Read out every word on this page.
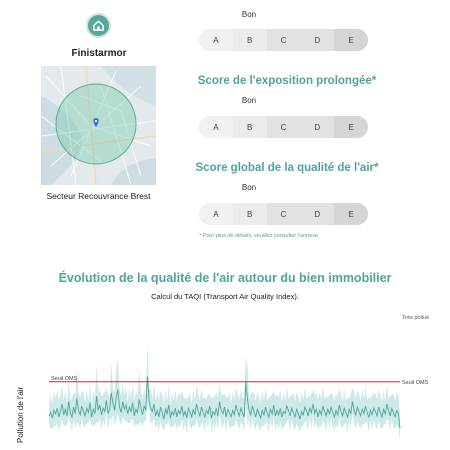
Finistarmor
Secteur Recouvrance Brest
Bon
A	B	C	D	E
Score de l'exposition prolongée*
Bon
A	B	C	D	E
Score global de la qualité de l'air*
Bon
A	B	C	D	E
* Pour plus de détails, veuillez consulter l'annexe
Évolution de la qualité de l'air autour du bien immobilier
Calcul du TAQI (Transport Air Quality Index).
Très pollué
Pollution de l'air
Seuil OMS
Seuil OMS
